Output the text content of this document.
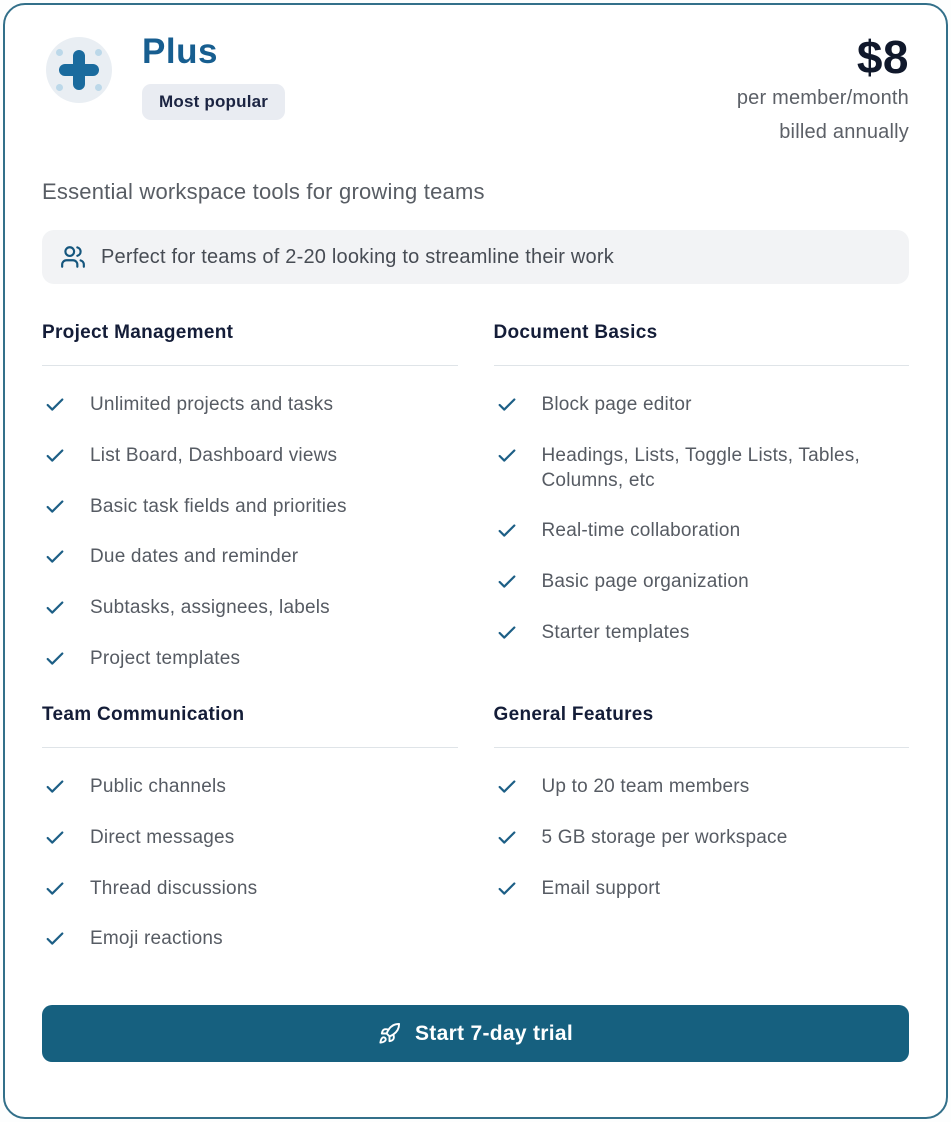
Plus
Most popular
$8
per member/month
billed annually
Essential workspace tools for growing teams
Perfect for teams of 2-20 looking to streamline their work
Project Management
Unlimited projects and tasks
List Board, Dashboard views
Basic task fields and priorities
Due dates and reminder
Subtasks, assignees, labels
Project templates
Document Basics
Block page editor
Headings, Lists, Toggle Lists, Tables, Columns, etc
Real-time collaboration
Basic page organization
Starter templates
Team Communication
Public channels
Direct messages
Thread discussions
Emoji reactions
General Features
Up to 20 team members
5 GB storage per workspace
Email support
Start 7-day trial
